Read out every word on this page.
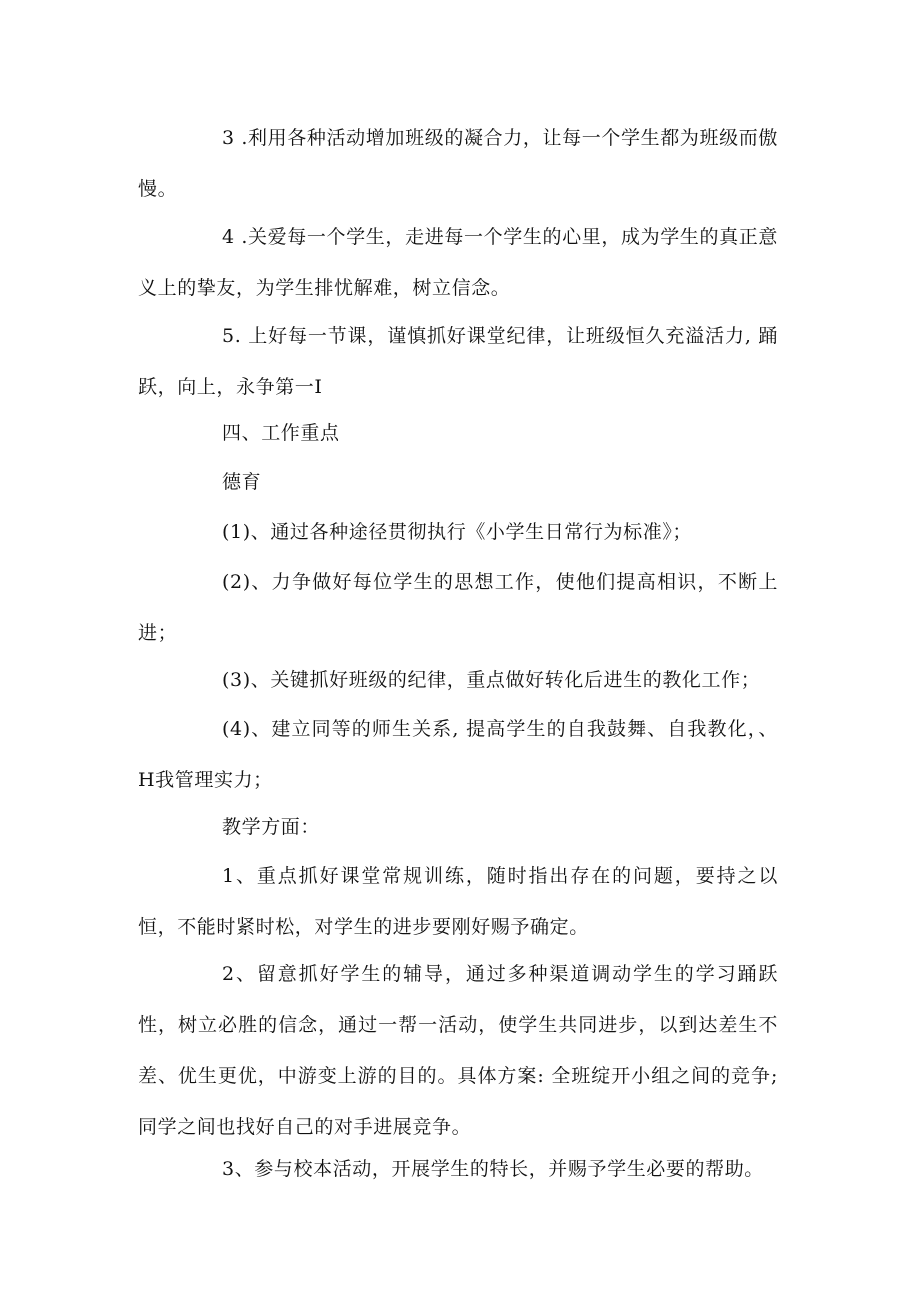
3 .利用各种活动增加班级的凝合力，让每一个学生都为班级而傲慢。

4 .关爱每一个学生，走进每一个学生的心里，成为学生的真正意义上的挚友，为学生排忧解难，树立信念。

5. 上好每一节课，谨慎抓好课堂纪律，让班级恒久充溢活力, 踊跃，向上，永争第一I

四、工作重点

德育

(1)、通过各种途径贯彻执行《小学生日常行为标准》；

(2)、力争做好每位学生的思想工作，使他们提高相识，不断上进；

(3)、关键抓好班级的纪律，重点做好转化后进生的教化工作；

(4)、建立同等的师生关系, 提高学生的自我鼓舞、自我教化，、H我管理实力；

教学方面：

1、重点抓好课堂常规训练，随时指出存在的问题，要持之以恒，不能时紧时松，对学生的进步要刚好赐予确定。

2、留意抓好学生的辅导，通过多种渠道调动学生的学习踊跃性，树立必胜的信念，通过一帮一活动，使学生共同进步，以到达差生不差、优生更优，中游变上游的目的。具体方案: 全班绽开小组之间的竞争;同学之间也找好自己的对手进展竞争。

3、参与校本活动，开展学生的特长，并赐予学生必要的帮助。
